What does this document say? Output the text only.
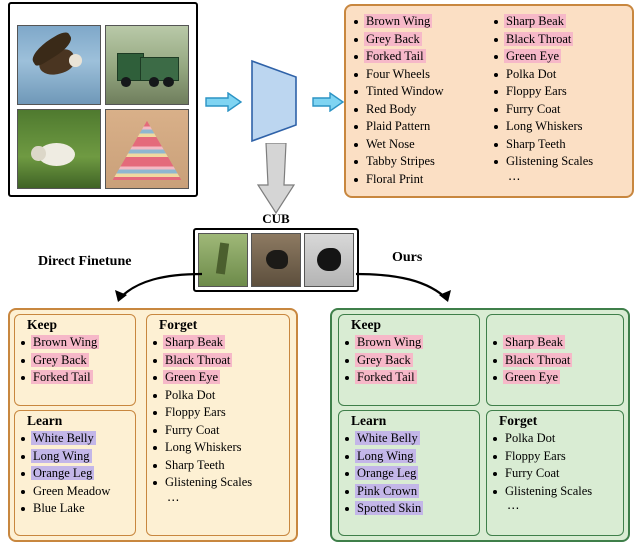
Brown Wing
Grey Back
Forked Tail
Four Wheels
Tinted Window
Red Body
Plaid Pattern
Wet Nose
Tabby Stripes
Floral Print
Sharp Beak
Black Throat
Green Eye
Polka Dot
Floppy Ears
Furry Coat
Long Whiskers
Sharp Teeth
Glistening Scales
⋯
CUB
Direct Finetune	Ours
Keep
Brown Wing
Grey Back
Forked Tail
Learn
White Belly
Long Wing
Orange Leg
Green Meadow
Blue Lake
Forget
Sharp Beak
Black Throat
Green Eye
Polka Dot
Floppy Ears
Furry Coat
Long Whiskers
Sharp Teeth
Glistening Scales
⋯
Keep
Brown Wing
Grey Back
Forked Tail
Sharp Beak
Black Throat
Green Eye
Learn
White Belly
Long Wing
Orange Leg
Pink Crown
Spotted Skin
Forget
Polka Dot
Floppy Ears
Furry Coat
Glistening Scales
⋯
